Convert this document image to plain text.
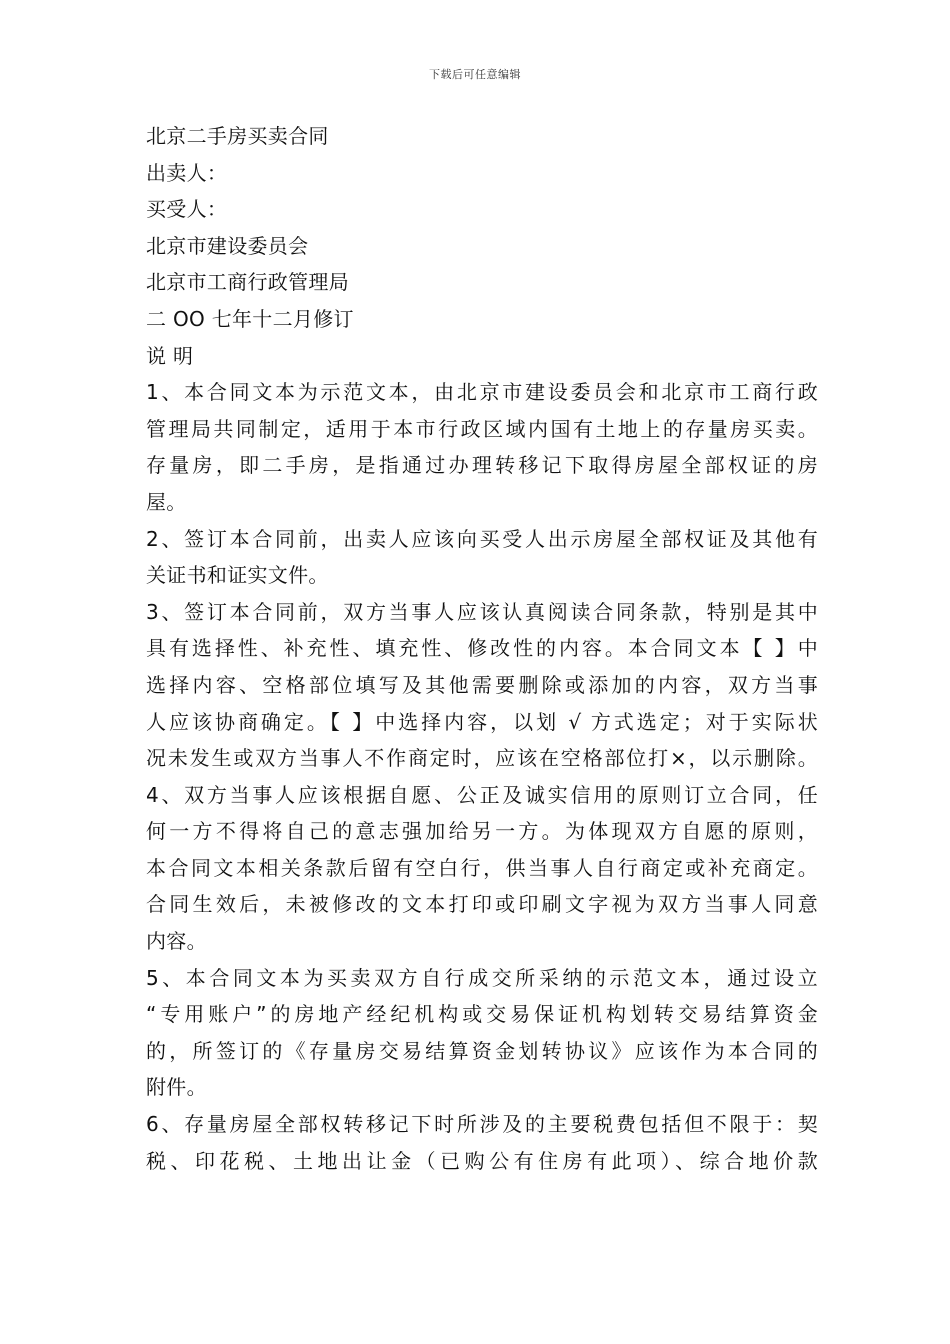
下载后可任意编辑
北京二手房买卖合同
出卖人：
买受人：
北京市建设委员会
北京市工商行政管理局
二 OO 七年十二月修订
说 明
1、本合同文本为示范文本，由北京市建设委员会和北京市工商行政
管理局共同制定，适用于本市行政区域内国有土地上的存量房买卖。
存量房，即二手房，是指通过办理转移记下取得房屋全部权证的房
屋。
2、签订本合同前，出卖人应该向买受人出示房屋全部权证及其他有
关证书和证实文件。
3、签订本合同前，双方当事人应该认真阅读合同条款，特别是其中
具有选择性、补充性、填充性、修改性的内容。本合同文本【 】中
选择内容、空格部位填写及其他需要删除或添加的内容，双方当事
人应该协商确定。【 】中选择内容，以划 √ 方式选定；对于实际状
况未发生或双方当事人不作商定时，应该在空格部位打×，以示删除。
4、双方当事人应该根据自愿、公正及诚实信用的原则订立合同，任
何一方不得将自己的意志强加给另一方。为体现双方自愿的原则，
本合同文本相关条款后留有空白行，供当事人自行商定或补充商定。
合同生效后，未被修改的文本打印或印刷文字视为双方当事人同意
内容。
5、本合同文本为买卖双方自行成交所采纳的示范文本，通过设立
“专用账户”的房地产经纪机构或交易保证机构划转交易结算资金
的，所签订的《存量房交易结算资金划转协议》应该作为本合同的
附件。
6、存量房屋全部权转移记下时所涉及的主要税费包括但不限于：契
税、印花税、土地出让金（已购公有住房有此项）、综合地价款
